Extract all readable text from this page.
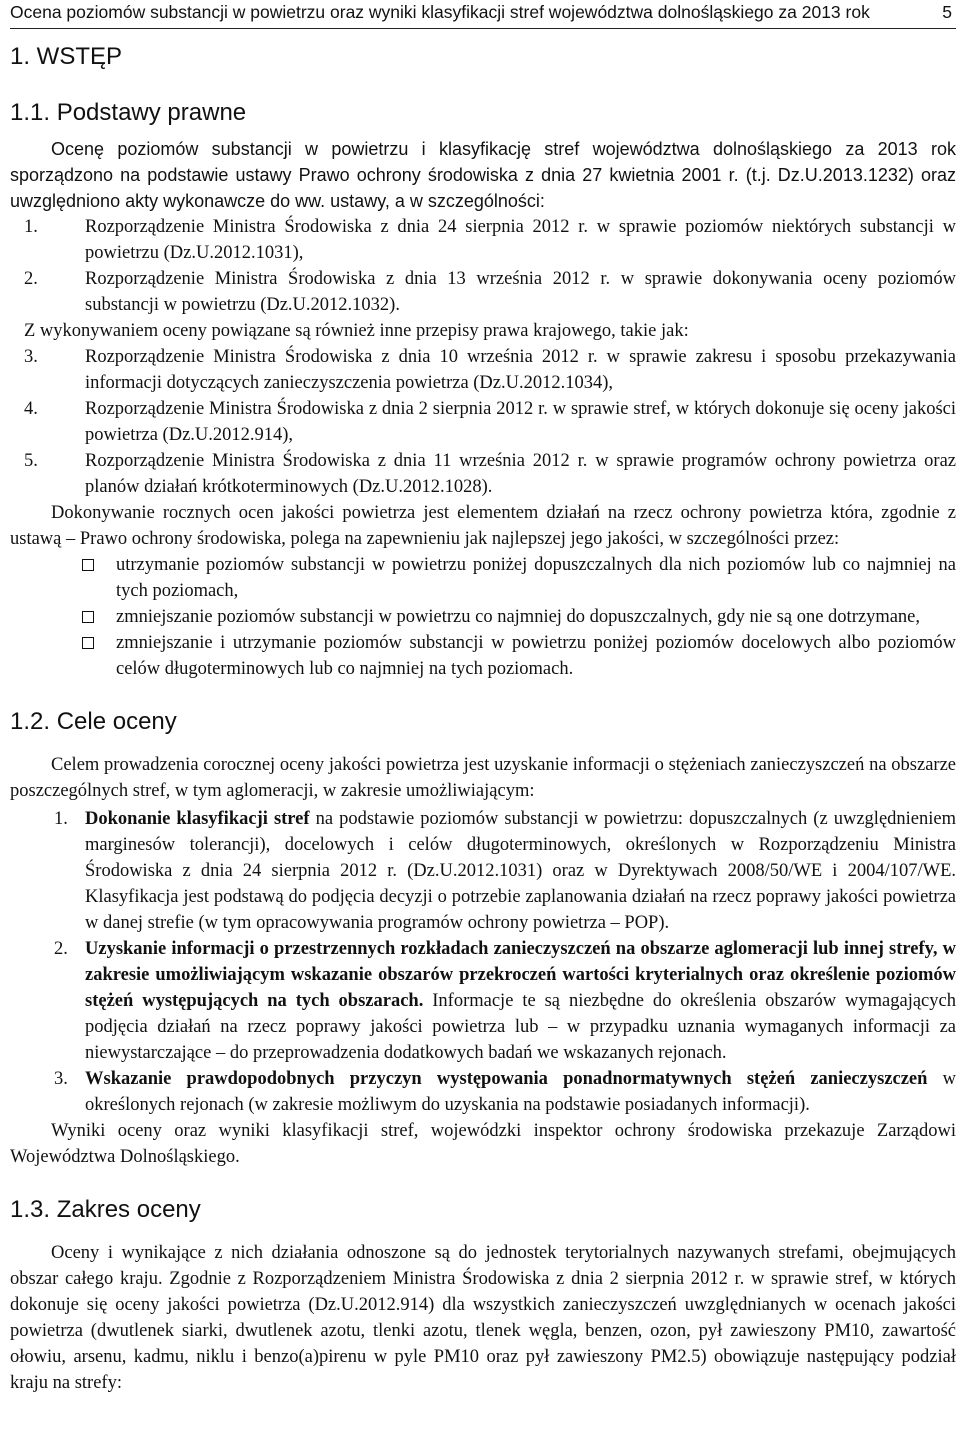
Ocena poziomów substancji w powietrzu oraz wyniki klasyfikacji stref województwa dolnośląskiego za 2013 rok	5
1. WSTĘP
1.1. Podstawy prawne

Ocenę poziomów substancji w powietrzu i klasyfikację stref województwa dolnośląskiego za 2013 rok sporządzono na podstawie ustawy Prawo ochrony środowiska z dnia 27 kwietnia 2001 r. (t.j. Dz.U.2013.1232) oraz uwzględniono akty wykonawcze do ww. ustawy, a w szczególności:

1.	Rozporządzenie Ministra Środowiska z dnia 24 sierpnia 2012 r. w sprawie poziomów niektórych substancji w powietrzu (Dz.U.2012.1031),
2.	Rozporządzenie Ministra Środowiska z dnia 13 września 2012 r. w sprawie dokonywania oceny poziomów substancji w powietrzu (Dz.U.2012.1032).

Z wykonywaniem oceny powiązane są również inne przepisy prawa krajowego, takie jak:

3.	Rozporządzenie Ministra Środowiska z dnia 10 września 2012 r. w sprawie zakresu i sposobu przekazywania informacji dotyczących zanieczyszczenia powietrza (Dz.U.2012.1034),
4.	Rozporządzenie Ministra Środowiska z dnia 2 sierpnia 2012 r. w sprawie stref, w których dokonuje się oceny jakości powietrza (Dz.U.2012.914),
5.	Rozporządzenie Ministra Środowiska z dnia 11 września 2012 r. w sprawie programów ochrony powietrza oraz planów działań krótkoterminowych (Dz.U.2012.1028).

Dokonywanie rocznych ocen jakości powietrza jest elementem działań na rzecz ochrony powietrza która, zgodnie z ustawą – Prawo ochrony środowiska, polega na zapewnieniu jak najlepszej jego jakości, w szczególności przez:

utrzymanie poziomów substancji w powietrzu poniżej dopuszczalnych dla nich poziomów lub co najmniej na tych poziomach,
zmniejszanie poziomów substancji w powietrzu co najmniej do dopuszczalnych, gdy nie są one dotrzymane,
zmniejszanie i utrzymanie poziomów substancji w powietrzu poniżej poziomów docelowych albo poziomów celów długoterminowych lub co najmniej na tych poziomach.
1.2. Cele oceny

Celem prowadzenia corocznej oceny jakości powietrza jest uzyskanie informacji o stężeniach zanieczyszczeń na obszarze poszczególnych stref, w tym aglomeracji, w zakresie umożliwiającym:

1. Dokonanie klasyfikacji stref na podstawie poziomów substancji w powietrzu: dopuszczalnych (z uwzględnieniem marginesów tolerancji), docelowych i celów długoterminowych, określonych w Rozporządzeniu Ministra Środowiska z dnia 24 sierpnia 2012 r. (Dz.U.2012.1031) oraz w Dyrektywach 2008/50/WE i 2004/107/WE. Klasyfikacja jest podstawą do podjęcia decyzji o potrzebie zaplanowania działań na rzecz poprawy jakości powietrza w danej strefie (w tym opracowywania programów ochrony powietrza – POP).
2. Uzyskanie informacji o przestrzennych rozkładach zanieczyszczeń na obszarze aglomeracji lub innej strefy, w zakresie umożliwiającym wskazanie obszarów przekroczeń wartości kryterialnych oraz określenie poziomów stężeń występujących na tych obszarach. Informacje te są niezbędne do określenia obszarów wymagających podjęcia działań na rzecz poprawy jakości powietrza lub – w przypadku uznania wymaganych informacji za niewystarczające – do przeprowadzenia dodatkowych badań we wskazanych rejonach.
3. Wskazanie prawdopodobnych przyczyn występowania ponadnormatywnych stężeń zanieczyszczeń w określonych rejonach (w zakresie możliwym do uzyskania na podstawie posiadanych informacji).

Wyniki oceny oraz wyniki klasyfikacji stref, wojewódzki inspektor ochrony środowiska przekazuje Zarządowi Województwa Dolnośląskiego.

1.3. Zakres oceny

Oceny i wynikające z nich działania odnoszone są do jednostek terytorialnych nazywanych strefami, obejmujących obszar całego kraju. Zgodnie z Rozporządzeniem Ministra Środowiska z dnia 2 sierpnia 2012 r. w sprawie stref, w których dokonuje się oceny jakości powietrza (Dz.U.2012.914) dla wszystkich zanieczyszczeń uwzględnianych w ocenach jakości powietrza (dwutlenek siarki, dwutlenek azotu, tlenki azotu, tlenek węgla, benzen, ozon, pył zawieszony PM10, zawartość ołowiu, arsenu, kadmu, niklu i benzo(a)pirenu w pyle PM10 oraz pył zawieszony PM2.5) obowiązuje następujący podział kraju na strefy:
